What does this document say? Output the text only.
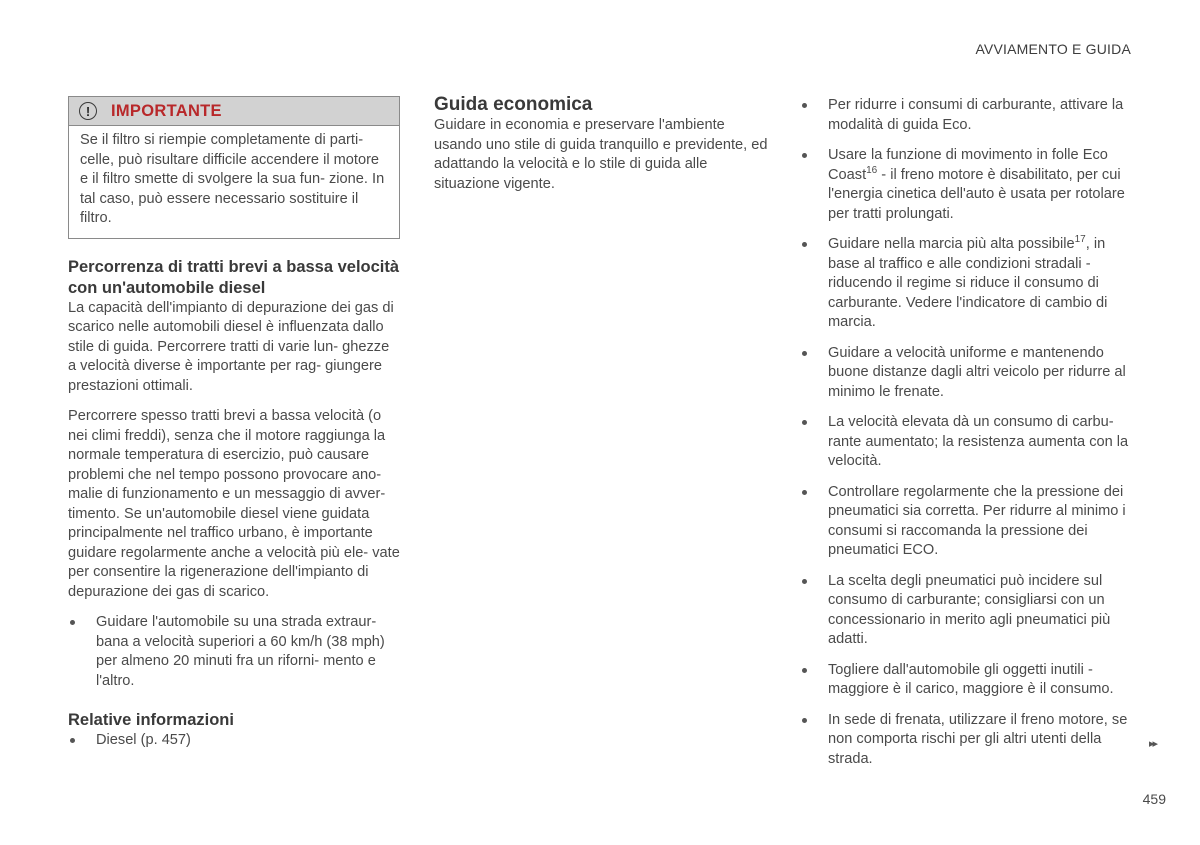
AVVIAMENTO E GUIDA
!	IMPORTANTE

Se il filtro si riempie completamente di parti- celle, può risultare difficile accendere il motore e il filtro smette di svolgere la sua fun- zione. In tal caso, può essere necessario sostituire il filtro.

Percorrenza di tratti brevi a bassa velocità con un'automobile diesel

La capacità dell'impianto di depurazione dei gas di scarico nelle automobili diesel è influenzata dallo stile di guida. Percorrere tratti di varie lun- ghezze a velocità diverse è importante per rag- giungere prestazioni ottimali.

Percorrere spesso tratti brevi a bassa velocità (o nei climi freddi), senza che il motore raggiunga la normale temperatura di esercizio, può causare problemi che nel tempo possono provocare ano- malie di funzionamento e un messaggio di avver- timento. Se un'automobile diesel viene guidata principalmente nel traffico urbano, è importante guidare regolarmente anche a velocità più ele- vate per consentire la rigenerazione dell'impianto di depurazione dei gas di scarico.

Guidare l'automobile su una strada extraur- bana a velocità superiori a 60 km/h (38 mph) per almeno 20 minuti fra un riforni- mento e l'altro.
Relative informazioni
Diesel (p. 457)
Guida economica

Guidare in economia e preservare l'ambiente usando uno stile di guida tranquillo e previdente, ed adattando la velocità e lo stile di guida alle situazione vigente.

Per ridurre i consumi di carburante, attivare la modalità di guida Eco.
Usare la funzione di movimento in folle Eco Coast$^{16}$ - il freno motore è disabilitato, per cui l'energia cinetica dell'auto è usata per rotolare per tratti prolungati.
Guidare nella marcia più alta possibile$^{17}$, in base al traffico e alle condizioni stradali - riducendo il regime si riduce il consumo di carburante. Vedere l'indicatore di cambio di marcia.
Guidare a velocità uniforme e mantenendo buone distanze dagli altri veicolo per ridurre al minimo le frenate.
La velocità elevata dà un consumo di carbu- rante aumentato; la resistenza aumenta con la velocità.
Controllare regolarmente che la pressione dei pneumatici sia corretta. Per ridurre al minimo i consumi si raccomanda la pressione dei pneumatici ECO.
La scelta degli pneumatici può incidere sul consumo di carburante; consigliarsi con un concessionario in merito agli pneumatici più adatti.
Togliere dall'automobile gli oggetti inutili - maggiore è il carico, maggiore è il consumo.
In sede di frenata, utilizzare il freno motore, se non comporta rischi per gli altri utenti della strada.
▸▸
459
